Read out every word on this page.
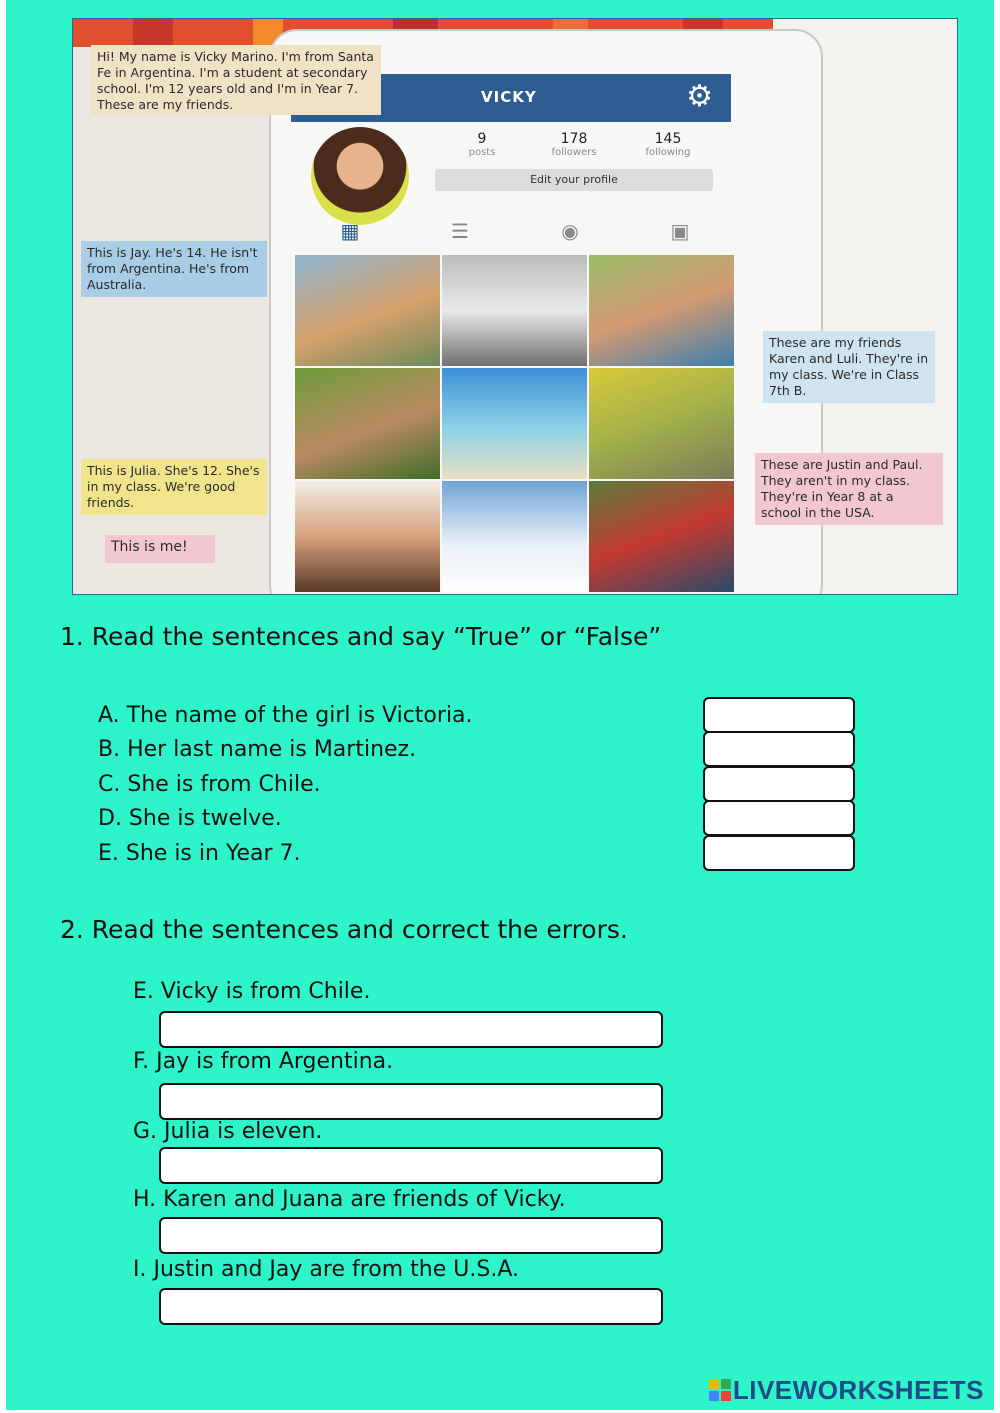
VICKY	⚙
9
posts
178
followers
145
following
Edit your profile
▦	☰	◉	▣
Hi! My name is Vicky Marino. I'm from Santa Fe in Argentina. I'm a student at secondary school. I'm 12 years old and I'm in Year 7. These are my friends.
This is Jay. He's 14. He isn't from Argentina. He's from Australia.
This is Julia. She's 12. She's in my class. We're good friends.
This is me!
These are my friends Karen and Luli. They're in my class. We're in Class 7th B.
These are Justin and Paul. They aren't in my class. They're in Year 8 at a school in the USA.
1. Read the sentences and say “True” or “False”
A. The name of the girl is Victoria.
B. Her last name is Martinez.
C. She is from Chile.
D. She is twelve.
E. She is in Year 7.
2. Read the sentences and correct the errors.
E. Vicky is from Chile.
F. Jay is from Argentina.
G. Julia is eleven.
H. Karen and Juana are friends of Vicky.
I. Justin and Jay are from the U.S.A.
LIVEWORKSHEETS
